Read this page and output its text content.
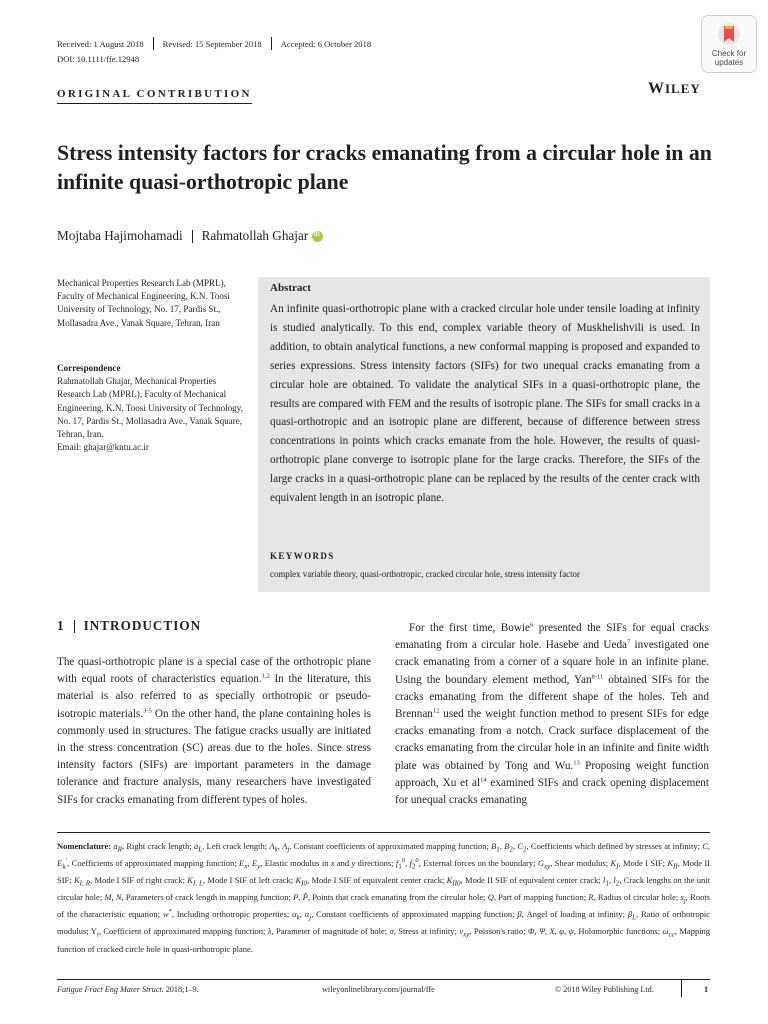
Received: 1 August 2018 Revised: 15 September 2018 Accepted: 6 October 2018
DOI: 10.1111/ffe.12948
Check for
updates
ORIGINAL CONTRIBUTION	WILEY
Stress intensity factors for cracks emanating from a circular hole in an infinite quasi-orthotropic plane
Mojtaba Hajimohamadi Rahmatollah Ghajar
iD
Mechanical Properties Research Lab (MPRL), Faculty of Mechanical Engineering, K.N. Toosi University of Technology, No. 17, Pardis St., Mollasadra Ave., Vanak Square, Tehran, Iran
Correspondence
Rahmatollah Ghajar, Mechanical Properties Research Lab (MPRL), Faculty of Mechanical Engineering, K.N. Toosi University of Technology, No. 17, Pardis St., Mollasadra Ave., Vanak Square, Tehran, Iran.
Email: ghajar@kntu.ac.ir
Abstract
An infinite quasi-orthotropic plane with a cracked circular hole under tensile loading at infinity is studied analytically. To this end, complex variable theory of Muskhelishvili is used. In addition, to obtain analytical functions, a new conformal mapping is proposed and expanded to series expressions. Stress intensity factors (SIFs) for two unequal cracks emanating from a circular hole are obtained. To validate the analytical SIFs in a quasi-orthotropic plane, the results are compared with FEM and the results of isotropic plane. The SIFs for small cracks in a quasi-orthotropic and an isotropic plane are different, because of difference between stress concentrations in points which cracks emanate from the hole. However, the results of quasi-orthotropic plane converge to isotropic plane for the large cracks. Therefore, the SIFs of the large cracks in a quasi-orthotropic plane can be replaced by the results of the center crack with equivalent length in an isotropic plane.
KEYWORDS
complex variable theory, quasi-orthotropic, cracked circular hole, stress intensity factor
1 INTRODUCTION
The quasi-orthotropic plane is a special case of the orthotropic plane with equal roots of characteristics equation.$^{1,2}$ In the literature, this material is also referred to as specially orthotropic or pseudo-isotropic materials.$^{3-5}$ On the other hand, the plane containing holes is commonly used in structures. The fatigue cracks usually are initiated in the stress concentration (SC) areas due to the holes. Since stress intensity factors (SIFs) are important parameters in the damage tolerance and fracture analysis, many researchers have investigated SIFs for cracks emanating from different types of holes.
For the first time, Bowie$^6$ presented the SIFs for equal cracks emanating from a circular hole. Hasebe and Ueda$^7$ investigated one crack emanating from a corner of a square hole in an infinite plane. Using the boundary element method, Yan$^{8-11}$ obtained SIFs for the cracks emanating from the different shape of the holes. Teh and Brennan$^{12}$ used the weight function method to present SIFs for edge cracks emanating from a notch. Crack surface displacement of the cracks emanating from the circular hole in an infinite and finite width plate was obtained by Tong and Wu.$^{13}$ Proposing weight function approach, Xu et $al^{14}$ examined SIFs and crack opening displacement for unequal cracks emanating
Nomenclature: $a_R$, Right crack length; $a_L$, Left crack length; $A_k$, $A_j$, Constant coefficients of approximated mapping function; $B_1$, $B_2$, $C_2$, Coefficients which defined by stresses at infinity; C, $E_k'$, Coefficients of approximated mapping function; $E_x$, $E_y$, Elastic modulus in x and y directions; $f_1^0$, $f_2^0$, External forces on the boundary; $G_{xy}$, Shear modulus; $K_I$, Mode I SIF; $K_{II}$, Mode II SIF; $K_{I, R}$, Mode I SIF of right crack; $K_{I, L}$, Mode I SIF of left crack; $K_{I0}$, Mode I SIF of equivalent center crack; $K_{II0}$, Mode II SIF of equivalent center crack; $l_1$, $l_2$, Crack lengths on the unit circular hole; M, N, Parameters of crack length in mapping function; P, P̄, Points that crack emanating from the circular hole; Q, Part of mapping function; R, Radius of circular hole; $s_j$, Roots of the characteristic equation; w*, Including orthotropic properties; $\alpha_k$, $\alpha_j$, Constant coefficients of approximated mapping function; β, Angel of loading at infinity; $\beta_L$, Ratio of orthotropic modulus; $Y_i$, Coefficient of approximated mapping function; λ, Parameter of magnitude of hole; σ, Stress at infinity; $\nu_{xy}$, Poisson's ratio; Φ, Ψ, X, φ, ψ, Holomorphic functions; $\omega_{cc}$, Mapping function of cracked circle hole in quasi-orthotropic plane.
Fatigue Fract Eng Mater Struct. 2018;1–9.	wileyonlinelibrary.com/journal/ffe	© 2018 Wiley Publishing Ltd.	1
